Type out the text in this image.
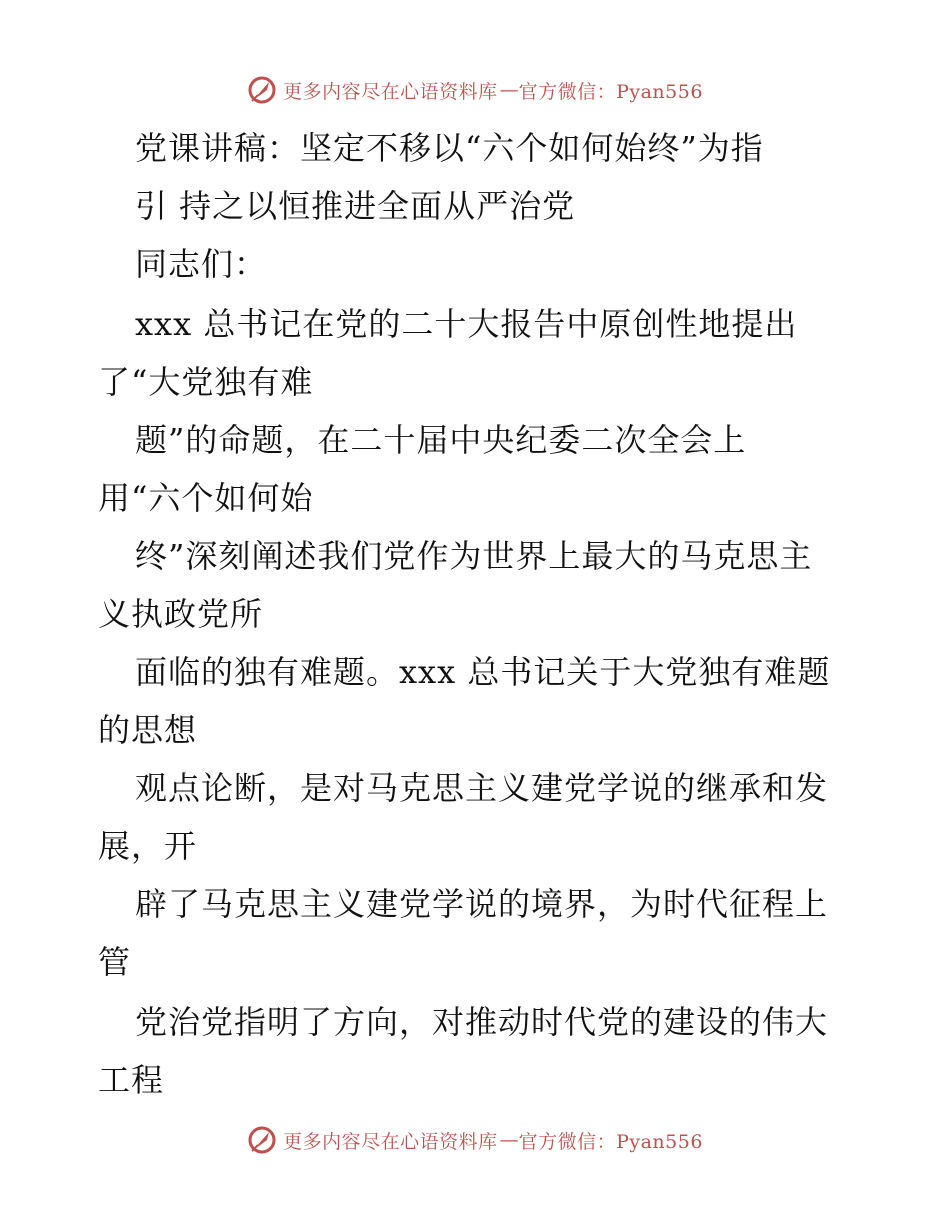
更多内容尽在心语资料库 — 官方微信：Pyan556
党课讲稿：坚定不移以“六个如何始终”为指
引 持之以恒推进全面从严治党
同志们：
xxx 总书记在党的二十大报告中原创性地提出
了“大党独有难
题”的命题，在二十届中央纪委二次全会上
用“六个如何始
终”深刻阐述我们党作为世界上最大的马克思主
义执政党所
面临的独有难题。xxx 总书记关于大党独有难题
的思想
观点论断，是对马克思主义建党学说的继承和发
展，开
辟了马克思主义建党学说的境界，为时代征程上
管
党治党指明了方向，对推动时代党的建设的伟大
工程
更多内容尽在心语资料库 — 官方微信：Pyan556
